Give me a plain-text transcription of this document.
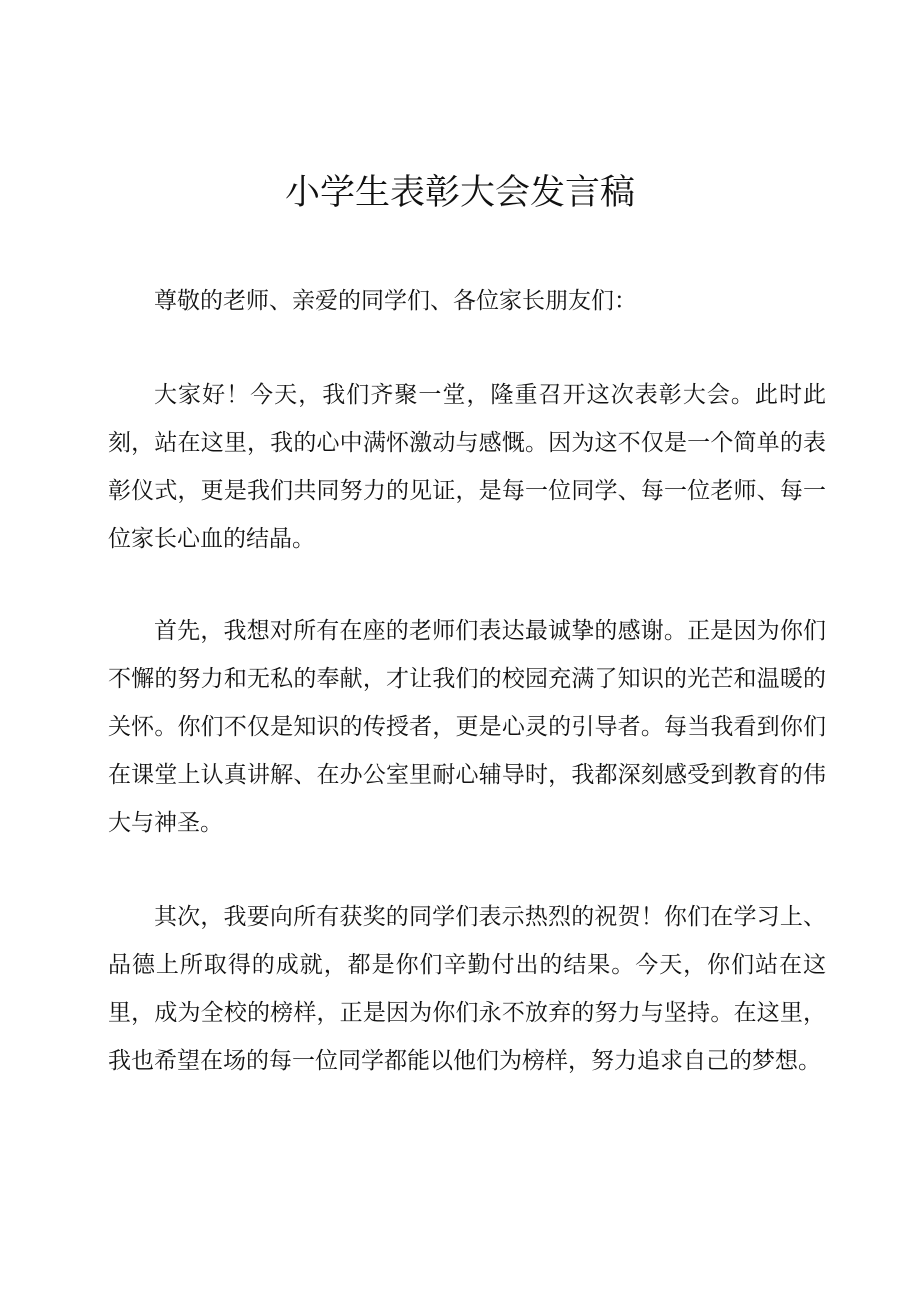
小学生表彰大会发言稿

尊敬的老师、亲爱的同学们、各位家长朋友们：

大家好！今天，我们齐聚一堂，隆重召开这次表彰大会。此时此刻，站在这里，我的心中满怀激动与感慨。因为这不仅是一个简单的表彰仪式，更是我们共同努力的见证，是每一位同学、每一位老师、每一位家长心血的结晶。

首先，我想对所有在座的老师们表达最诚挚的感谢。正是因为你们不懈的努力和无私的奉献，才让我们的校园充满了知识的光芒和温暖的关怀。你们不仅是知识的传授者，更是心灵的引导者。每当我看到你们在课堂上认真讲解、在办公室里耐心辅导时，我都深刻感受到教育的伟大与神圣。

其次，我要向所有获奖的同学们表示热烈的祝贺！你们在学习上、品德上所取得的成就，都是你们辛勤付出的结果。今天，你们站在这里，成为全校的榜样，正是因为你们永不放弃的努力与坚持。在这里，我也希望在场的每一位同学都能以他们为榜样，努力追求自己的梦想。
